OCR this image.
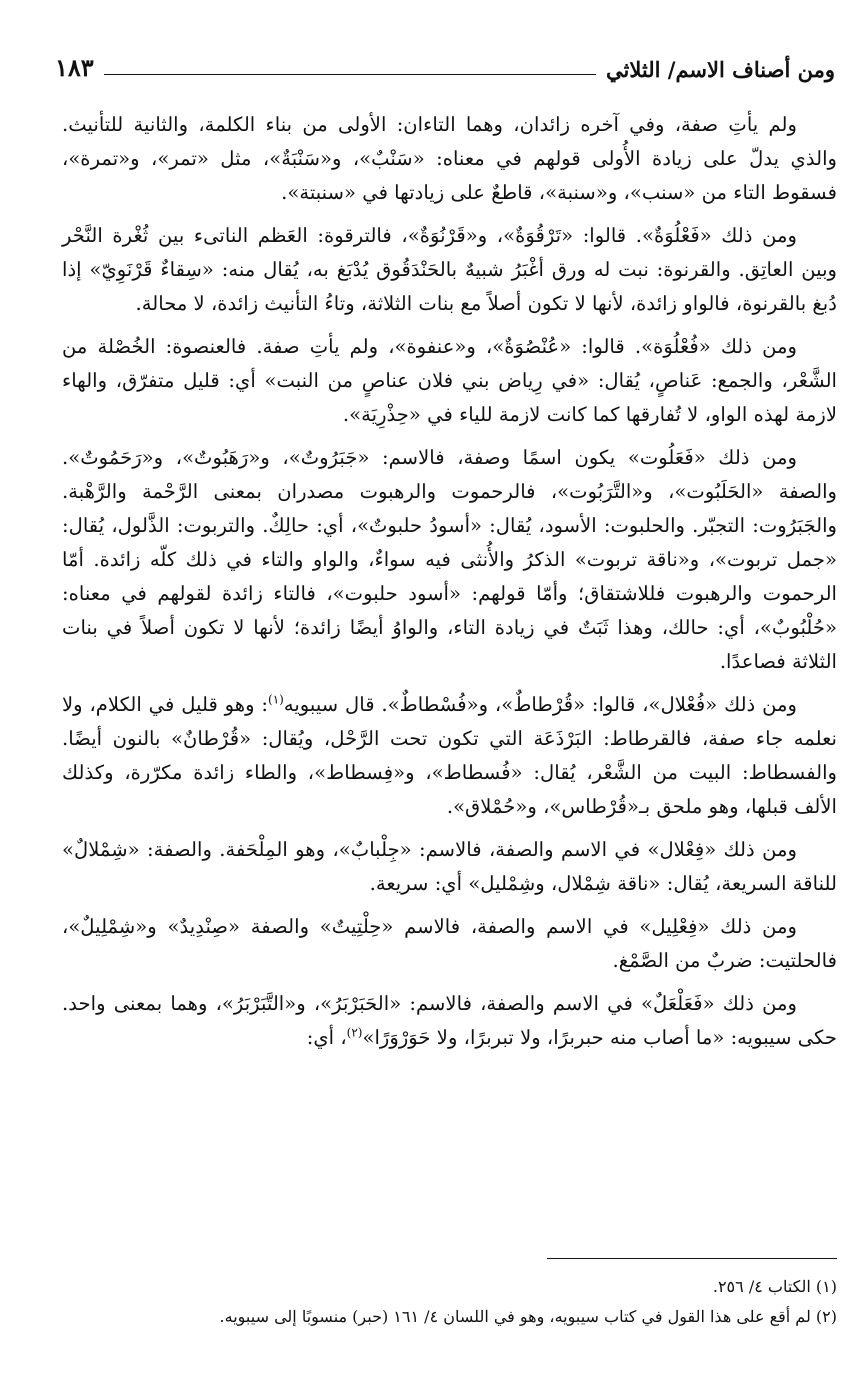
ومن أصناف الاسم/ الثلاثي
١٨٣

ولم يأتِ صفة، وفي آخره زائدان، وهما التاءان: الأولى من بناء الكلمة، والثانية للتأنيث. والذي يدلّ على زيادة الأُولى قولهم في معناه: «سَنْبٌ»، و«سَنْبَةٌ»، مثل «تمر»، و«تمرة»، فسقوط التاء من «سنب»، و«سنبة»، قاطعٌ على زيادتها في «سنبتة».

ومن ذلك «فَعْلُوَةٌ». قالوا: «تَرْقُوَةٌ»، و«قَرْنُوَةٌ»، فالترقوة: العَظم الناتىء بين ثُغْرة النَّحْر وبين العاتِق. والقرنوة: نبت له ورق أغْبَرُ شبيهٌ بالحَنْدَقُوق يُدْبَغ به، يُقال منه: «سِقاءٌ قَرْنَوِيّ» إذا دُبغ بالقرنوة، فالواو زائدة، لأنها لا تكون أصلاً مع بنات الثلاثة، وتاءُ التأنيث زائدة، لا محالة.

ومن ذلك «فُعْلُوَة». قالوا: «عُنْصُوَةٌ»، و«عنفوة»، ولم يأتِ صفة. فالعنصوة: الخُصْلة من الشَّعْر، والجمع: عَناصٍ، يُقال: «في رِياض بني فلان عناصٍ من النبت» أي: قليل متفرّق، والهاء لازمة لهذه الواو، لا تُفارقها كما كانت لازمة للياء في «حِذْرِيَة».

ومن ذلك «فَعَلُوت» يكون اسمًا وصفة، فالاسم: «جَبَرُوتٌ»، و«رَهَبُوتٌ»، و«رَحَمُوتٌ». والصفة «الحَلَبُوت»، و«التَّرَبُوت»، فالرحموت والرهبوت مصدران بمعنى الرَّحْمة والرَّهْبة. والجَبَرُوت: التجبّر. والحلبوت: الأسود، يُقال: «أسودُ حلبوتٌ»، أي: حالِكٌ. والتربوت: الذَّلول، يُقال: «جمل تربوت»، و«ناقة تربوت» الذكرُ والأُنثى فيه سواءٌ، والواو والتاء في ذلك كلّه زائدة. أمّا الرحموت والرهبوت فللاشتقاق؛ وأمّا قولهم: «أسود حلبوت»، فالتاء زائدة لقولهم في معناه: «حُلْبُوبٌ»، أي: حالك، وهذا ثَبَتٌ في زيادة التاء، والواوُ أيضًا زائدة؛ لأنها لا تكون أصلاً في بنات الثلاثة فصاعدًا.

ومن ذلك «فُعْلال»، قالوا: «قُرْطاطٌ»، و«فُسْطاطٌ». قال سيبويه$^{(١)}$: وهو قليل في الكلام، ولا نعلمه جاء صفة، فالقرطاط: البَرْذَعَة التي تكون تحت الرَّحْل، ويُقال: «قُرْطانٌ» بالنون أيضًا. والفسطاط: البيت من الشَّعْر، يُقال: «فُسطاط»، و«فِسطاط»، والطاء زائدة مكرّرة، وكذلك الألف قبلها، وهو ملحق بـ«قُرْطاس»، و«حُمْلاق».

ومن ذلك «فِعْلال» في الاسم والصفة، فالاسم: «جِلْبابٌ»، وهو المِلْحَفة. والصفة: «شِمْلالٌ» للناقة السريعة، يُقال: «ناقة شِمْلال، وشِمْليل» أي: سريعة.

ومن ذلك «فِعْلِيل» في الاسم والصفة، فالاسم «حِلْتِيتٌ» والصفة «صِنْدِيدٌ» و«شِمْلِيلٌ»، فالحلتيت: ضربٌ من الصَّمْغ.

ومن ذلك «فَعَلْعَلٌ» في الاسم والصفة، فالاسم: «الحَبَرْبَرُ»، و«التَّبَرْبَرُ»، وهما بمعنى واحد. حكى سيبويه: «ما أصاب منه حبربرًا، ولا تبربرًا، ولا حَوَرْوَرًا»$^{(٢)}$، أي:

(١) الكتاب ٤/ ٢٥٦.

(٢) لم أقع على هذا القول في كتاب سيبويه، وهو في اللسان ٤/ ١٦١ (حبر) منسوبًا إلى سيبويه.
